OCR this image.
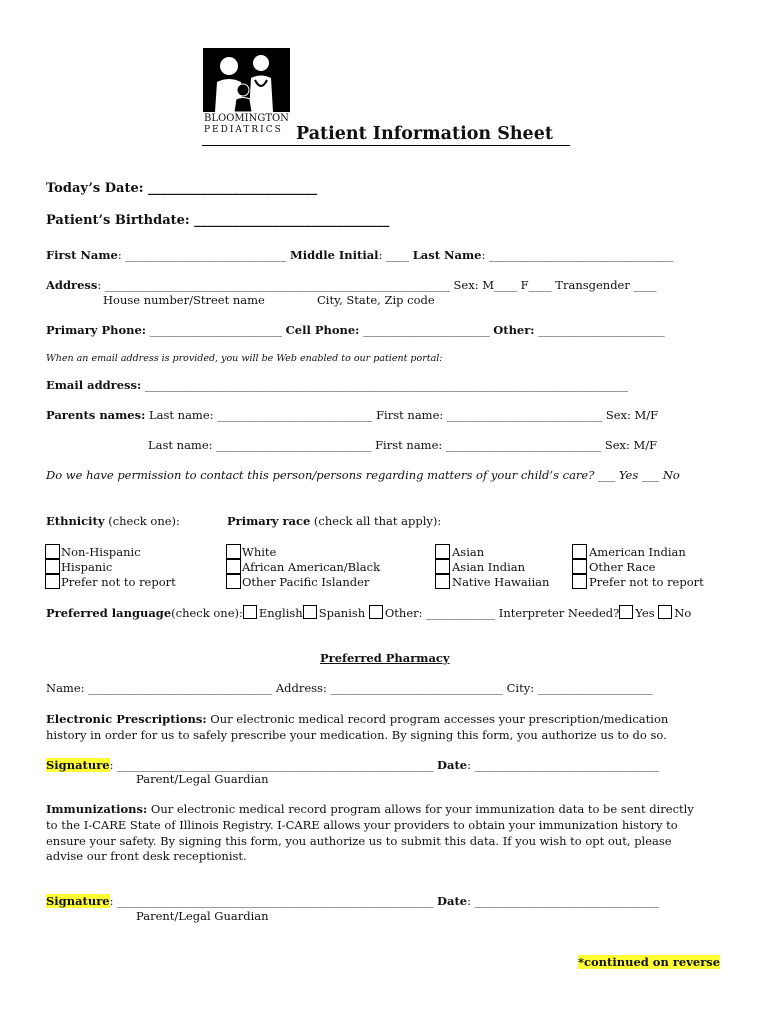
BLOOMINGTON
PEDIATRICS Patient Information Sheet
Today’s Date: __________________________
Patient’s Birthdate: ______________________________
First Name: ____________________________ Middle Initial: ____ Last Name: ________________________________
Address: ____________________________________________________________ Sex: M____ F____ Transgender ____
House number/Street name	City, State, Zip code
Primary Phone: _______________________ Cell Phone: ______________________ Other: ______________________
When an email address is provided, you will be Web enabled to our patient portal:
Email address: ____________________________________________________________________________________
Parents names: Last name: ___________________________ First name: ___________________________ Sex: M/F
Last name: ___________________________ First name: ___________________________ Sex: M/F
Do we have permission to contact this person/persons regarding matters of your child’s care? ___ Yes ___ No
Ethnicity (check one):	Primary race (check all that apply):
Non-Hispanic
Hispanic
Prefer not to report
White
African American/Black
Other Pacific Islander
Asian
Asian Indian
Native Hawaiian
American Indian
Other Race
Prefer not to report
Preferred language(check one): English Spanish Other: ____________ Interpreter Needed? Yes No
Preferred Pharmacy
Name: ________________________________ Address: ______________________________ City: ____________________
Electronic Prescriptions: Our electronic medical record program accesses your prescription/medication
history in order for us to safely prescribe your medication. By signing this form, you authorize us to do so.
Signature: _______________________________________________________ Date: ________________________________
Parent/Legal Guardian
Immunizations: Our electronic medical record program allows for your immunization data to be sent directly
to the I-CARE State of Illinois Registry. I-CARE allows your providers to obtain your immunization history to
ensure your safety. By signing this form, you authorize us to submit this data. If you wish to opt out, please
advise our front desk receptionist.
Signature: _______________________________________________________ Date: ________________________________
Parent/Legal Guardian
*continued on reverse
